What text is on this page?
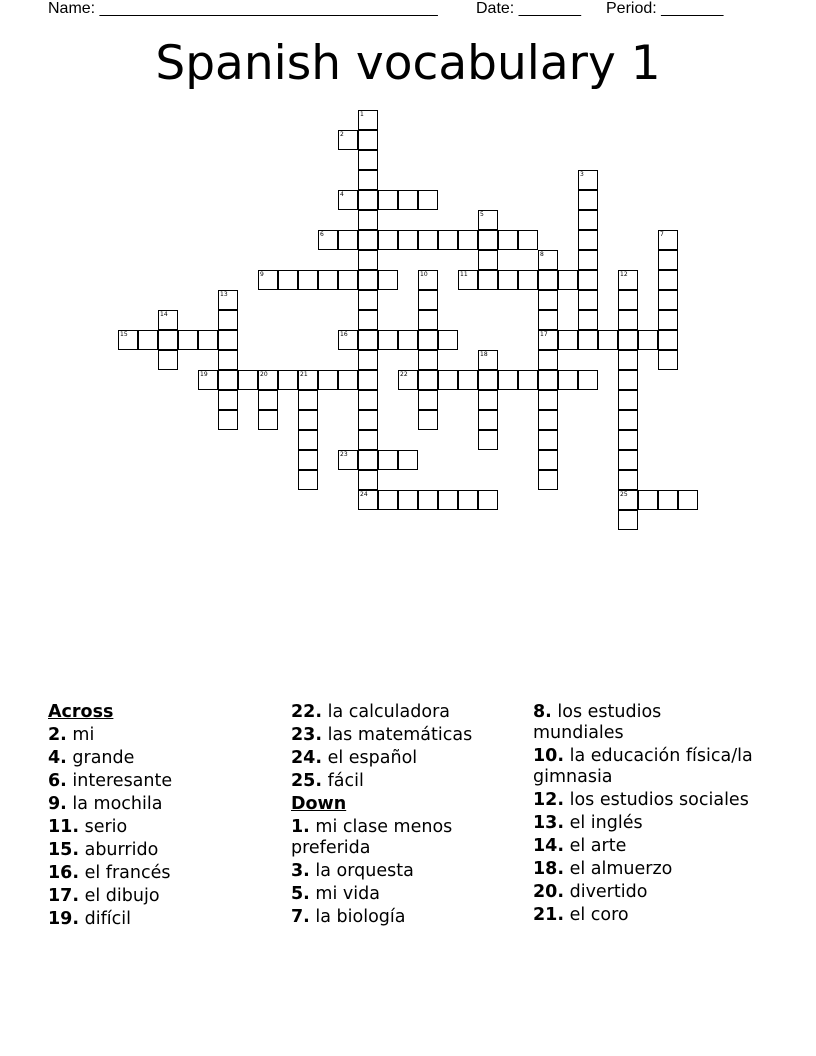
Name: ______________________________________ Date: _______ Period: _______
Spanish vocabulary 1
1
2
3
4
5
6	7
8
17
9	10	11	12
25
13
14
15	16
18
19	20	21	22
23
24
Across
2. mi
4. grande
6. interesante
9. la mochila
11. serio
15. aburrido
16. el francés
17. el dibujo
19. difícil
22. la calculadora
23. las matemáticas
24. el español
25. fácil
Down
1. mi clase menos preferida
3. la orquesta
5. mi vida
7. la biología
8. los estudios mundiales
10. la educación física/la gimnasia
12. los estudios sociales
13. el inglés
14. el arte
18. el almuerzo
20. divertido
21. el coro
